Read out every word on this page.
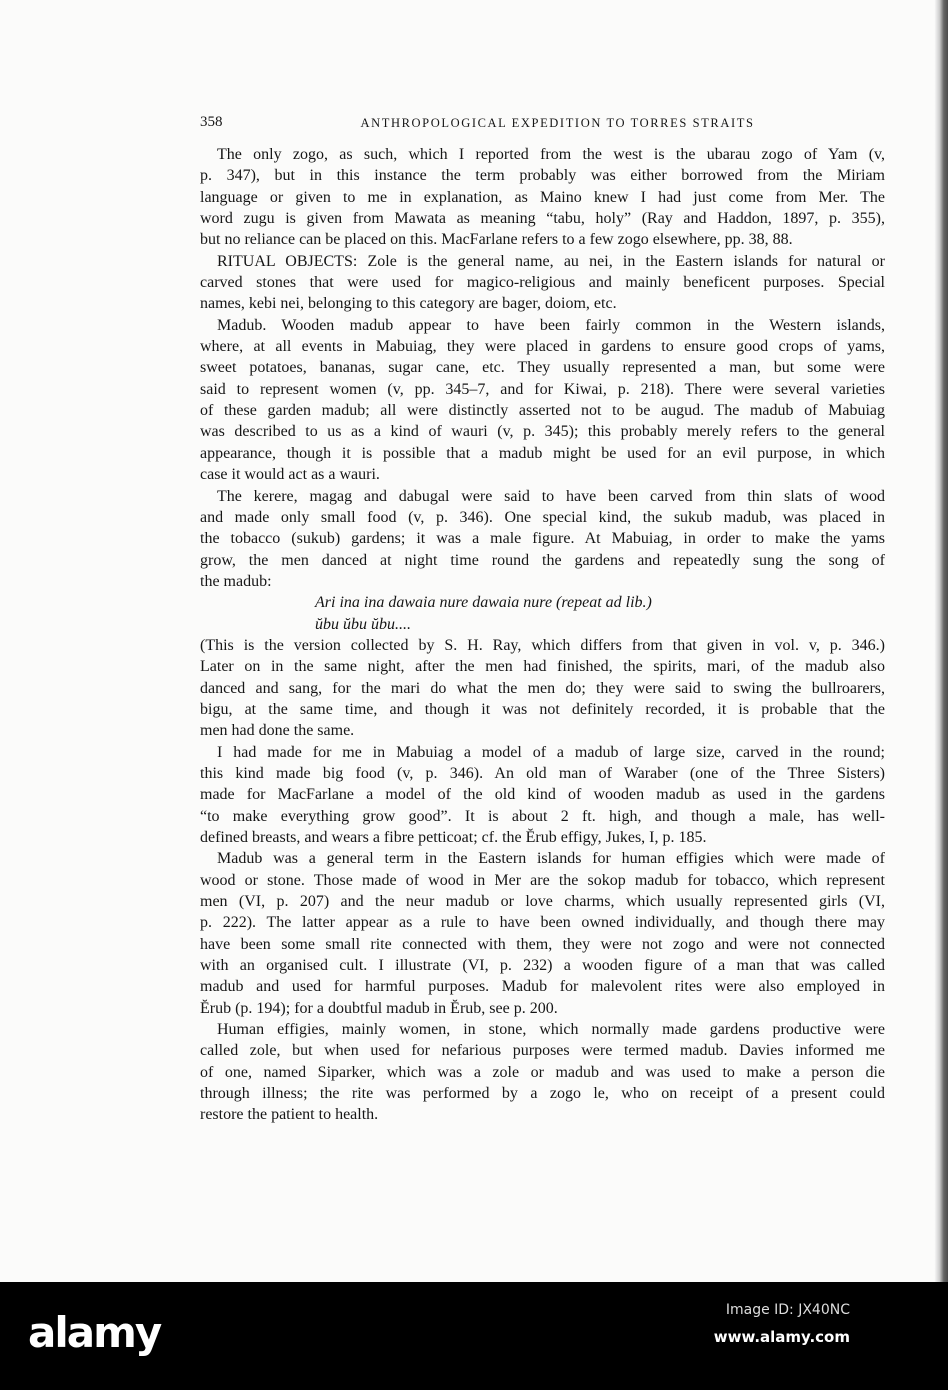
358	ANTHROPOLOGICAL EXPEDITION TO TORRES STRAITS
The only zogo, as such, which I reported from the west is the ubarau zogo of Yam (v,
p. 347), but in this instance the term probably was either borrowed from the Miriam
language or given to me in explanation, as Maino knew I had just come from Mer. The
word zugu is given from Mawata as meaning “tabu, holy” (Ray and Haddon, 1897, p. 355),
but no reliance can be placed on this. MacFarlane refers to a few zogo elsewhere, pp. 38, 88.
RITUAL OBJECTS: Zole is the general name, au nei, in the Eastern islands for natural or
carved stones that were used for magico-religious and mainly beneficent purposes. Special
names, kebi nei, belonging to this category are bager, doiom, etc.
Madub. Wooden madub appear to have been fairly common in the Western islands,
where, at all events in Mabuiag, they were placed in gardens to ensure good crops of yams,
sweet potatoes, bananas, sugar cane, etc. They usually represented a man, but some were
said to represent women (v, pp. 345–7, and for Kiwai, p. 218). There were several varieties
of these garden madub; all were distinctly asserted not to be augud. The madub of Mabuiag
was described to us as a kind of wauri (v, p. 345); this probably merely refers to the general
appearance, though it is possible that a madub might be used for an evil purpose, in which
case it would act as a wauri.
The kerere, magag and dabugal were said to have been carved from thin slats of wood
and made only small food (v, p. 346). One special kind, the sukub madub, was placed in
the tobacco (sukub) gardens; it was a male figure. At Mabuiag, in order to make the yams
grow, the men danced at night time round the gardens and repeatedly sung the song of
the madub:
Ari ina ina dawaia nure dawaia nure (repeat ad lib.)
ŭbu ŭbu ŭbu....
(This is the version collected by S. H. Ray, which differs from that given in vol. v, p. 346.)
Later on in the same night, after the men had finished, the spirits, mari, of the madub also
danced and sang, for the mari do what the men do; they were said to swing the bullroarers,
bigu, at the same time, and though it was not definitely recorded, it is probable that the
men had done the same.
I had made for me in Mabuiag a model of a madub of large size, carved in the round;
this kind made big food (v, p. 346). An old man of Waraber (one of the Three Sisters)
made for MacFarlane a model of the old kind of wooden madub as used in the gardens
“to make everything grow good”. It is about 2 ft. high, and though a male, has well-
defined breasts, and wears a fibre petticoat; cf. the Ĕrub effigy, Jukes, I, p. 185.
Madub was a general term in the Eastern islands for human effigies which were made of
wood or stone. Those made of wood in Mer are the sokop madub for tobacco, which represent
men (VI, p. 207) and the neur madub or love charms, which usually represented girls (VI,
p. 222). The latter appear as a rule to have been owned individually, and though there may
have been some small rite connected with them, they were not zogo and were not connected
with an organised cult. I illustrate (VI, p. 232) a wooden figure of a man that was called
madub and used for harmful purposes. Madub for malevolent rites were also employed in
Ĕrub (p. 194); for a doubtful madub in Ĕrub, see p. 200.
Human effigies, mainly women, in stone, which normally made gardens productive were
called zole, but when used for nefarious purposes were termed madub. Davies informed me
of one, named Siparker, which was a zole or madub and was used to make a person die
through illness; the rite was performed by a zogo le, who on receipt of a present could
restore the patient to health.
alamy	Image ID: JX40NC
www.alamy.com
